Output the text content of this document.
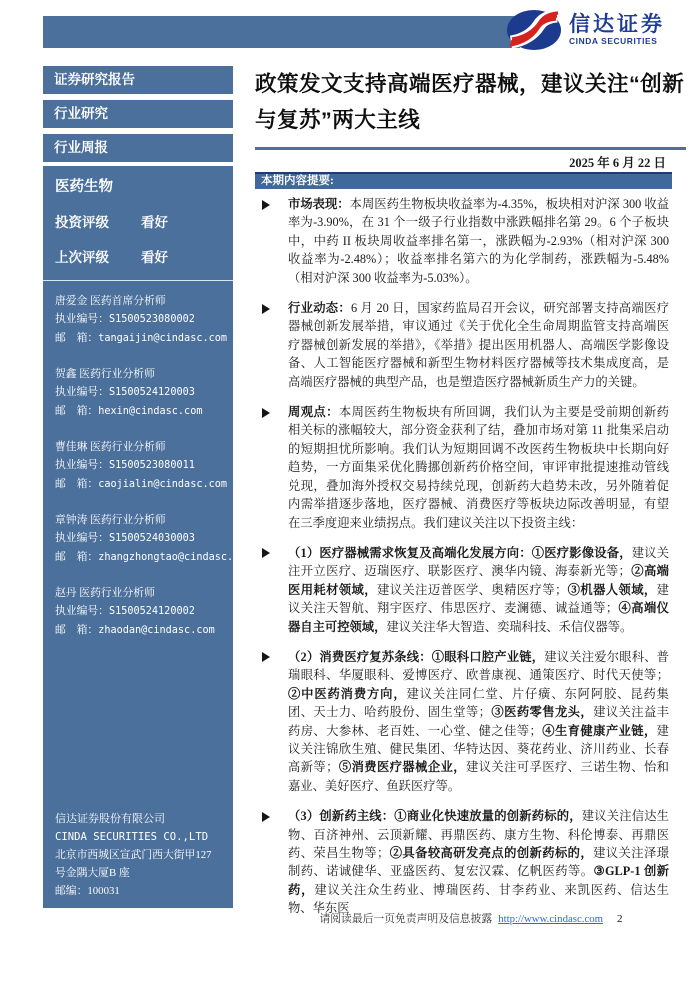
信达证券
CINDA SECURITIES
证券研究报告
行业研究
行业周报
医药生物
投资评级	看好
上次评级	看好
唐爱金 医药首席分析师
执业编号：S1500523080002
邮　箱：tangaijin@cindasc.com
贺鑫 医药行业分析师
执业编号：S1500524120003
邮　箱：hexin@cindasc.com
曹佳琳 医药行业分析师
执业编号：S1500523080011
邮　箱：caojialin@cindasc.com
章钟涛 医药行业分析师
执业编号：S1500524030003
邮　箱：zhangzhongtao@cindasc.com
赵丹 医药行业分析师
执业编号：S1500524120002
邮　箱：zhaodan@cindasc.com
信达证券股份有限公司
CINDA SECURITIES CO.,LTD
北京市西城区宣武门西大街甲127 号金隅大厦B 座
邮编：100031
政策发文支持高端医疗器械，建议关注“创新与复苏”两大主线
2025 年 6 月 22 日
本期内容提要:
市场表现：本周医药生物板块收益率为-4.35%，板块相对沪深 300 收益率为-3.90%，在 31 个一级子行业指数中涨跌幅排名第 29。6 个子板块中，中药 II 板块周收益率排名第一，涨跌幅为-2.93%（相对沪深 300 收益率为-2.48%）；收益率排名第六的为化学制药，涨跌幅为-5.48%（相对沪深 300 收益率为-5.03%）。
行业动态：6 月 20 日，国家药监局召开会议，研究部署支持高端医疗器械创新发展举措，审议通过《关于优化全生命周期监管支持高端医疗器械创新发展的举措》，《举措》提出医用机器人、高端医学影像设备、人工智能医疗器械和新型生物材料医疗器械等技术集成度高，是高端医疗器械的典型产品，也是塑造医疗器械新质生产力的关键。
周观点：本周医药生物板块有所回调，我们认为主要是受前期创新药相关标的涨幅较大，部分资金获利了结，叠加市场对第 11 批集采启动的短期担忧所影响。我们认为短期回调不改医药生物板块中长期向好趋势，一方面集采优化腾挪创新药价格空间，审评审批提速推动管线兑现，叠加海外授权交易持续兑现，创新药大趋势未改，另外随着促内需举措逐步落地，医疗器械、消费医疗等板块边际改善明显，有望在三季度迎来业绩拐点。我们建议关注以下投资主线：
（1）医疗器械需求恢复及高端化发展方向：①医疗影像设备，建议关注开立医疗、迈瑞医疗、联影医疗、澳华内镜、海泰新光等；②高端医用耗材领域，建议关注迈普医学、奥精医疗等；③机器人领域，建议关注天智航、翔宇医疗、伟思医疗、麦澜德、诚益通等；④高端仪器自主可控领域，建议关注华大智造、奕瑞科技、禾信仪器等。
（2）消费医疗复苏条线：①眼科口腔产业链，建议关注爱尔眼科、普瑞眼科、华厦眼科、爱博医疗、欧普康视、通策医疗、时代天使等；②中医药消费方向，建议关注同仁堂、片仔癀、东阿阿胶、昆药集团、天士力、哈药股份、固生堂等；③医药零售龙头，建议关注益丰药房、大参林、老百姓、一心堂、健之佳等；④生育健康产业链，建议关注锦欣生殖、健民集团、华特达因、葵花药业、济川药业、长春高新等；⑤消费医疗器械企业，建议关注可孚医疗、三诺生物、怡和嘉业、美好医疗、鱼跃医疗等。
（3）创新药主线：①商业化快速放量的创新药标的，建议关注信达生物、百济神州、云顶新耀、再鼎医药、康方生物、科伦博泰、再鼎医药、荣昌生物等；②具备较高研发亮点的创新药标的，建议关注泽璟制药、诺诚健华、亚盛医药、复宏汉霖、亿帆医药等。③GLP-1 创新药，建议关注众生药业、博瑞医药、甘李药业、来凯医药、信达生物、华东医
请阅读最后一页免责声明及信息披露 http://www.cindasc.com 2
